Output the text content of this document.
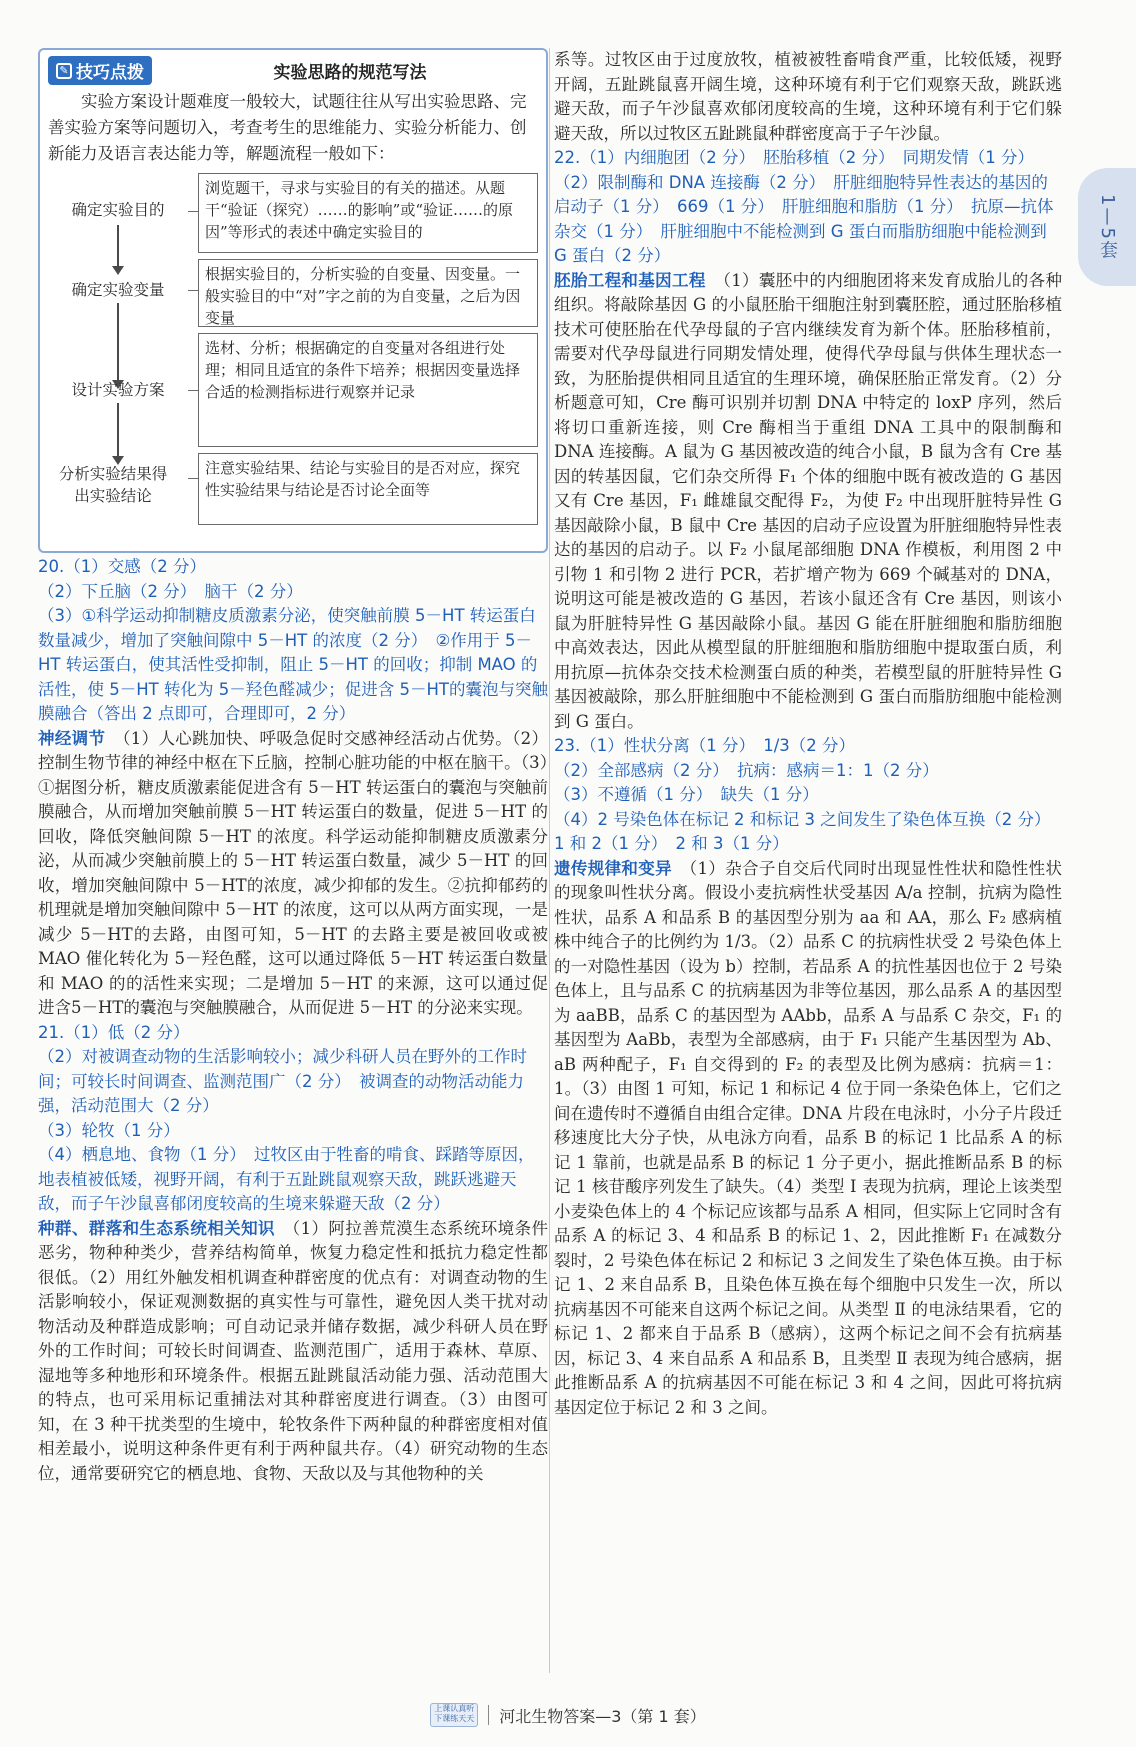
1—5套
✎ 技巧点拨	实验思路的规范写法

实验方案设计题难度一般较大，试题往往从写出实验思路、完善实验方案等问题切入，考查考生的思维能力、实验分析能力、创新能力及语言表达能力等，解题流程一般如下：

确定实验目的
浏览题干，寻求与实验目的有关的描述。从题干“验证（探究）……的影响”或“验证……的原因”等形式的表述中确定实验目的
确定实验变量
根据实验目的，分析实验的自变量、因变量。一般实验目的中“对”字之前的为自变量，之后为因变量
设计实验方案
选材、分析；根据确定的自变量对各组进行处理；相同且适宜的条件下培养；根据因变量选择合适的检测指标进行观察并记录
分析实验结果得出实验结论
注意实验结果、结论与实验目的是否对应，探究性实验结果与结论是否讨论全面等

20.（1）交感（2 分）

（2）下丘脑（2 分）　脑干（2 分）

（3）①科学运动抑制糖皮质激素分泌，使突触前膜 5－HT 转运蛋白数量减少，增加了突触间隙中 5－HT 的浓度（2 分）　②作用于 5－HT 转运蛋白，使其活性受抑制，阻止 5－HT 的回收；抑制 MAO 的活性，使 5－HT 转化为 5－羟色醛减少；促进含 5－HT的囊泡与突触膜融合（答出 2 点即可，合理即可，2 分）

神经调节　 （1）人心跳加快、呼吸急促时交感神经活动占优势。（2）控制生物节律的神经中枢在下丘脑，控制心脏功能的中枢在脑干。（3）①据图分析，糖皮质激素能促进含有 5－HT 转运蛋白的囊泡与突触前膜融合，从而增加突触前膜 5－HT 转运蛋白的数量，促进 5－HT 的回收，降低突触间隙 5－HT 的浓度。科学运动能抑制糖皮质激素分泌，从而减少突触前膜上的 5－HT 转运蛋白数量，减少 5－HT 的回收，增加突触间隙中 5－HT的浓度，减少抑郁的发生。②抗抑郁药的机理就是增加突触间隙中 5－HT 的浓度，这可以从两方面实现，一是减少 5－HT的去路，由图可知，5－HT 的去路主要是被回收或被 MAO 催化转化为 5－羟色醛，这可以通过降低 5－HT 转运蛋白数量和 MAO 的的活性来实现；二是增加 5－HT 的来源，这可以通过促进含5－HT的囊泡与突触膜融合，从而促进 5－HT 的分泌来实现。

21.（1）低（2 分）

（2）对被调查动物的生活影响较小；减少科研人员在野外的工作时间；可较长时间调查、监测范围广（2 分）　被调查的动物活动能力强，活动范围大（2 分）

（3）轮牧（1 分）

（4）栖息地、食物（1 分）　过牧区由于牲畜的啃食、踩踏等原因，地表植被低矮，视野开阔，有利于五趾跳鼠观察天敌，跳跃逃避天敌，而子午沙鼠喜郁闭度较高的生境来躲避天敌（2 分）

种群、群落和生态系统相关知识　 （1）阿拉善荒漠生态系统环境条件恶劣，物种种类少，营养结构简单，恢复力稳定性和抵抗力稳定性都很低。（2）用红外触发相机调查种群密度的优点有：对调查动物的生活影响较小，保证观测数据的真实性与可靠性，避免因人类干扰对动物活动及种群造成影响；可自动记录并储存数据，减少科研人员在野外的工作时间；可较长时间调查、监测范围广，适用于森林、草原、湿地等多种地形和环境条件。根据五趾跳鼠活动能力强、活动范围大的特点，也可采用标记重捕法对其种群密度进行调查。（3）由图可知，在 3 种干扰类型的生境中，轮牧条件下两种鼠的种群密度相对值相差最小，说明这种条件更有利于两种鼠共存。（4）研究动物的生态位，通常要研究它的栖息地、食物、天敌以及与其他物种的关

系等。过牧区由于过度放牧，植被被牲畜啃食严重，比较低矮，视野开阔，五趾跳鼠喜开阔生境，这种环境有利于它们观察天敌，跳跃逃避天敌，而子午沙鼠喜欢郁闭度较高的生境，这种环境有利于它们躲避天敌，所以过牧区五趾跳鼠种群密度高于子午沙鼠。

22.（1）内细胞团（2 分）　胚胎移植（2 分）　同期发情（1 分）

（2）限制酶和 DNA 连接酶（2 分）　肝脏细胞特异性表达的基因的启动子（1 分）　669（1 分）　肝脏细胞和脂肪（1 分）　抗原—抗体杂交（1 分）　肝脏细胞中不能检测到 G 蛋白而脂肪细胞中能检测到 G 蛋白（2 分）

胚胎工程和基因工程　 （1）囊胚中的内细胞团将来发育成胎儿的各种组织。将敲除基因 G 的小鼠胚胎干细胞注射到囊胚腔，通过胚胎移植技术可使胚胎在代孕母鼠的子宫内继续发育为新个体。胚胎移植前，需要对代孕母鼠进行同期发情处理，使得代孕母鼠与供体生理状态一致，为胚胎提供相同且适宜的生理环境，确保胚胎正常发育。（2）分析题意可知，Cre 酶可识别并切割 DNA 中特定的 loxP 序列，然后将切口重新连接，则 Cre 酶相当于重组 DNA 工具中的限制酶和 DNA 连接酶。A 鼠为 G 基因被改造的纯合小鼠，B 鼠为含有 Cre 基因的转基因鼠，它们杂交所得 F₁ 个体的细胞中既有被改造的 G 基因又有 Cre 基因，F₁ 雌雄鼠交配得 F₂，为使 F₂ 中出现肝脏特异性 G 基因敲除小鼠，B 鼠中 Cre 基因的启动子应设置为肝脏细胞特异性表达的基因的启动子。以 F₂ 小鼠尾部细胞 DNA 作模板，利用图 2 中引物 1 和引物 2 进行 PCR，若扩增产物为 669 个碱基对的 DNA，说明这可能是被改造的 G 基因，若该小鼠还含有 Cre 基因，则该小鼠为肝脏特异性 G 基因敲除小鼠。基因 G 能在肝脏细胞和脂肪细胞中高效表达，因此从模型鼠的肝脏细胞和脂肪细胞中提取蛋白质，利用抗原—抗体杂交技术检测蛋白质的种类，若模型鼠的肝脏特异性 G 基因被敲除，那么肝脏细胞中不能检测到 G 蛋白而脂肪细胞中能检测到 G 蛋白。

23.（1）性状分离（1 分）　1/3（2 分）

（2）全部感病（2 分）　抗病：感病＝1：1（2 分）

（3）不遵循（1 分）　缺失（1 分）

（4）2 号染色体在标记 2 和标记 3 之间发生了染色体互换（2 分）　1 和 2（1 分）　2 和 3（1 分）

遗传规律和变异　 （1）杂合子自交后代同时出现显性性状和隐性性状的现象叫性状分离。假设小麦抗病性状受基因 A/a 控制，抗病为隐性性状，品系 A 和品系 B 的基因型分别为 aa 和 AA，那么 F₂ 感病植株中纯合子的比例约为 1/3。（2）品系 C 的抗病性状受 2 号染色体上的一对隐性基因（设为 b）控制，若品系 A 的抗性基因也位于 2 号染色体上，且与品系 C 的抗病基因为非等位基因，那么品系 A 的基因型为 aaBB，品系 C 的基因型为 AAbb，品系 A 与品系 C 杂交，F₁ 的基因型为 AaBb，表型为全部感病，由于 F₁ 只能产生基因型为 Ab、aB 两种配子，F₁ 自交得到的 F₂ 的表型及比例为感病：抗病＝1：1。（3）由图 1 可知，标记 1 和标记 4 位于同一条染色体上，它们之间在遗传时不遵循自由组合定律。DNA 片段在电泳时，小分子片段迁移速度比大分子快，从电泳方向看，品系 B 的标记 1 比品系 A 的标记 1 靠前，也就是品系 B 的标记 1 分子更小，据此推断品系 B 的标记 1 核苷酸序列发生了缺失。（4）类型 Ⅰ 表现为抗病，理论上该类型小麦染色体上的 4 个标记应该都与品系 A 相同，但实际上它同时含有品系 A 的标记 3、4 和品系 B 的标记 1、2，因此推断 F₁ 在减数分裂时，2 号染色体在标记 2 和标记 3 之间发生了染色体互换。由于标记 1、2 来自品系 B，且染色体互换在每个细胞中只发生一次，所以抗病基因不可能来自这两个标记之间。从类型 Ⅱ 的电泳结果看，它的标记 1、2 都来自于品系 B（感病），这两个标记之间不会有抗病基因，标记 3、4 来自品系 A 和品系 B，且类型 Ⅱ 表现为纯合感病，据此推断品系 A 的抗病基因不可能在标记 3 和 4 之间，因此可将抗病基因定位于标记 2 和 3 之间。

上课认真听 下课练天天 河北生物答案—3（第 1 套）
